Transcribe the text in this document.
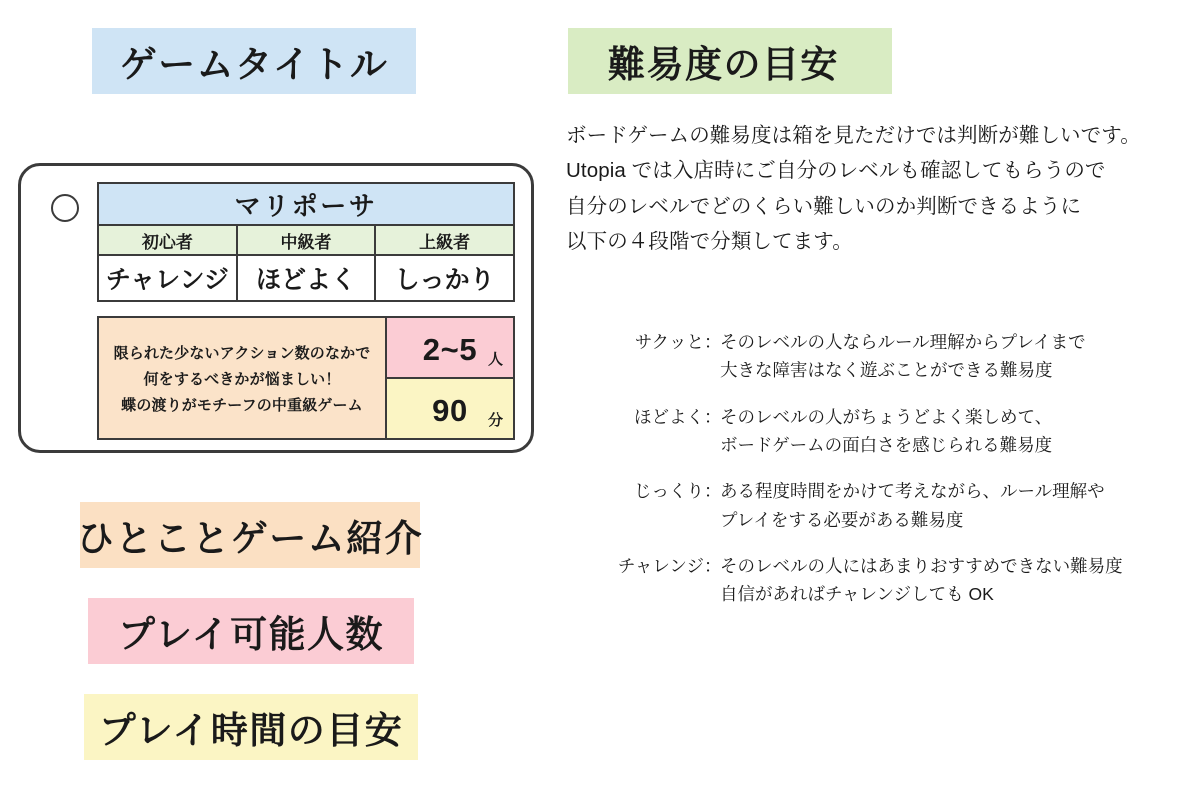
ゲームタイトル
ひとことゲーム紹介
プレイ可能人数
プレイ時間の目安
難易度の目安
マリポーサ		
初心者	中級者	上級者
チャレンジ	ほどよく	しっかり
限られた少ないアクション数のなかで
何をするべきかが悩ましい！
蝶の渡りがモチーフの中重級ゲーム
2~5 人
90 分
ボードゲームの難易度は箱を見ただけでは判断が難しいです。
Utopia では入店時にご自分のレベルも確認してもらうので
自分のレベルでどのくらい難しいのか判断できるように
以下の４段階で分類してます。
サクッと ：
そのレベルの人ならルール理解からプレイまで
大きな障害はなく遊ぶことができる難易度
ほどよく ：
そのレベルの人がちょうどよく楽しめて、
ボードゲームの面白さを感じられる難易度
じっくり ：
ある程度時間をかけて考えながら、ルール理解や
プレイをする必要がある難易度
チャレンジ ：
そのレベルの人にはあまりおすすめできない難易度
自信があればチャレンジしても OK
